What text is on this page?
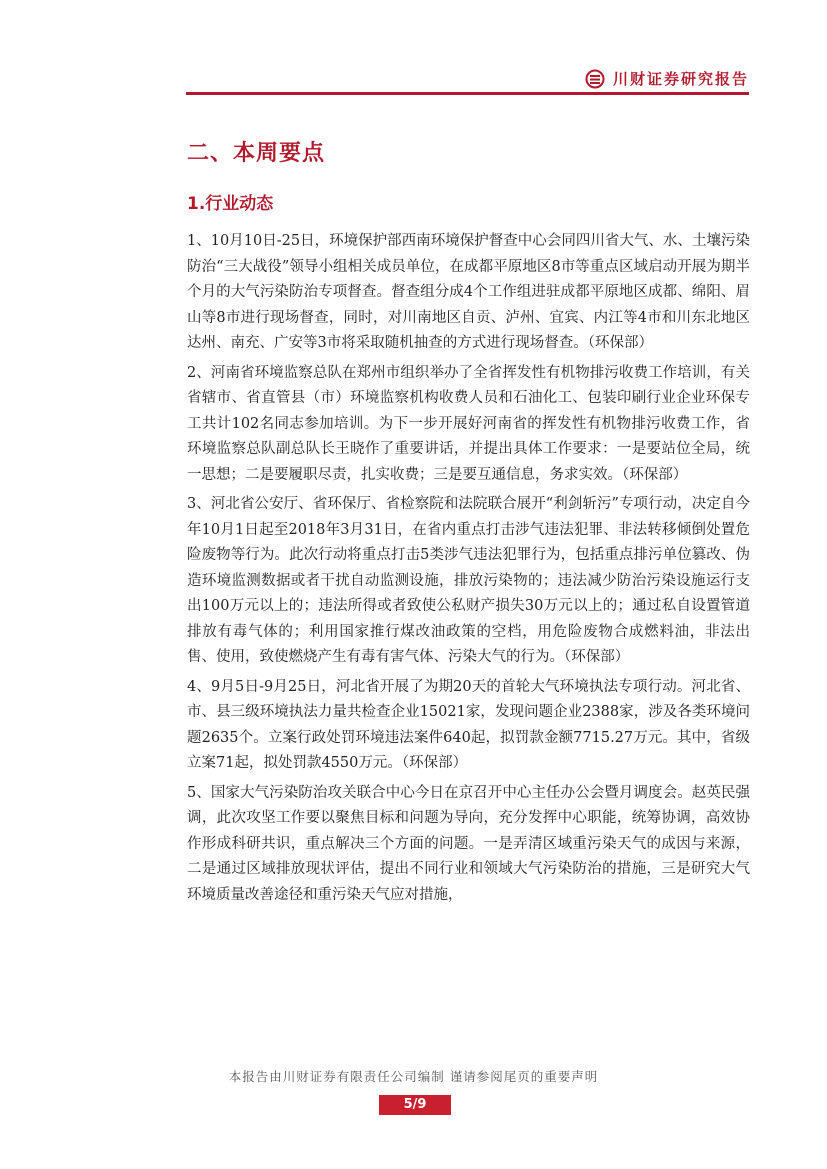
川财证券研究报告
二、本周要点
1.行业动态

1、10月10日-25日，环境保护部西南环境保护督查中心会同四川省大气、水、土壤污染防治“三大战役”领导小组相关成员单位，在成都平原地区8市等重点区域启动开展为期半个月的大气污染防治专项督查。督查组分成4个工作组进驻成都平原地区成都、绵阳、眉山等8市进行现场督查，同时，对川南地区自贡、泸州、宜宾、内江等4市和川东北地区达州、南充、广安等3市将采取随机抽查的方式进行现场督查。（环保部）

2、河南省环境监察总队在郑州市组织举办了全省挥发性有机物排污收费工作培训，有关省辖市、省直管县（市）环境监察机构收费人员和石油化工、包装印刷行业企业环保专工共计102名同志参加培训。为下一步开展好河南省的挥发性有机物排污收费工作，省环境监察总队副总队长王晓作了重要讲话，并提出具体工作要求：一是要站位全局，统一思想；二是要履职尽责，扎实收费；三是要互通信息，务求实效。（环保部）

3、河北省公安厅、省环保厅、省检察院和法院联合展开“利剑斩污”专项行动，决定自今年10月1日起至2018年3月31日，在省内重点打击涉气违法犯罪、非法转移倾倒处置危险废物等行为。此次行动将重点打击5类涉气违法犯罪行为，包括重点排污单位篡改、伪造环境监测数据或者干扰自动监测设施，排放污染物的；违法减少防治污染设施运行支出100万元以上的；违法所得或者致使公私财产损失30万元以上的；通过私自设置管道排放有毒气体的；利用国家推行煤改油政策的空档，用危险废物合成燃料油，非法出售、使用，致使燃烧产生有毒有害气体、污染大气的行为。（环保部）

4、9月5日-9月25日，河北省开展了为期20天的首轮大气环境执法专项行动。河北省、市、县三级环境执法力量共检查企业15021家，发现问题企业2388家，涉及各类环境问题2635个。立案行政处罚环境违法案件640起，拟罚款金额7715.27万元。其中，省级立案71起，拟处罚款4550万元。（环保部）

5、国家大气污染防治攻关联合中心今日在京召开中心主任办公会暨月调度会。赵英民强调，此次攻坚工作要以聚焦目标和问题为导向，充分发挥中心职能，统筹协调，高效协作形成科研共识，重点解决三个方面的问题。一是弄清区域重污染天气的成因与来源，二是通过区域排放现状评估，提出不同行业和领域大气污染防治的措施，三是研究大气环境质量改善途径和重污染天气应对措施，

本报告由川财证券有限责任公司编制 谨请参阅尾页的重要声明
5/9
